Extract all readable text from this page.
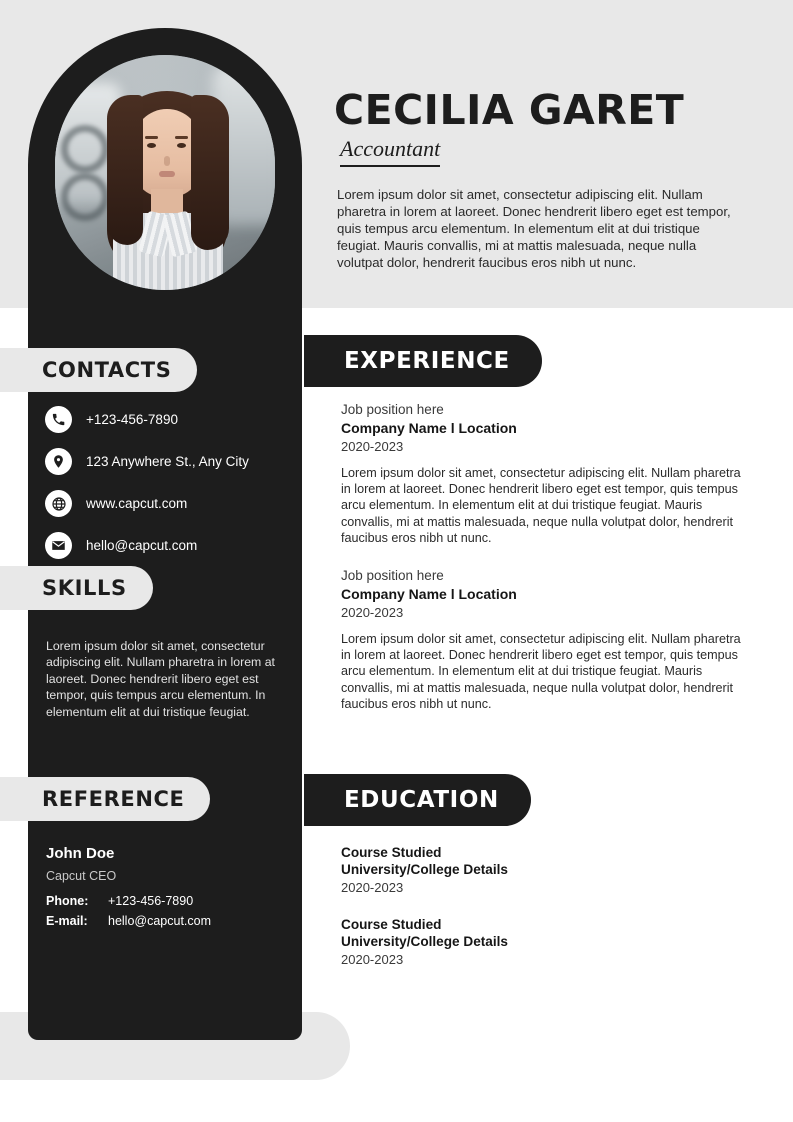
CECILIA GARET
Accountant
Lorem ipsum dolor sit amet, consectetur adipiscing elit. Nullam pharetra in lorem at laoreet. Donec hendrerit libero eget est tempor, quis tempus arcu elementum. In elementum elit at dui tristique feugiat. Mauris convallis, mi at mattis malesuada, neque nulla volutpat dolor, hendrerit faucibus eros nibh ut nunc.
CONTACTS
+123-456-7890
123 Anywhere St., Any City
www.capcut.com
hello@capcut.com
SKILLS
Lorem ipsum dolor sit amet, consectetur adipiscing elit. Nullam pharetra in lorem at laoreet. Donec hendrerit libero eget est tempor, quis tempus arcu elementum. In elementum elit at dui tristique feugiat.
REFERENCE
John Doe
Capcut CEO
Phone:	+123-456-7890
E-mail:	hello@capcut.com
EXPERIENCE
Job position here
Company Name l Location
2020-2023
Lorem ipsum dolor sit amet, consectetur adipiscing elit. Nullam pharetra in lorem at laoreet. Donec hendrerit libero eget est tempor, quis tempus arcu elementum. In elementum elit at dui tristique feugiat. Mauris convallis, mi at mattis malesuada, neque nulla volutpat dolor, hendrerit faucibus eros nibh ut nunc.
Job position here
Company Name l Location
2020-2023
Lorem ipsum dolor sit amet, consectetur adipiscing elit. Nullam pharetra in lorem at laoreet. Donec hendrerit libero eget est tempor, quis tempus arcu elementum. In elementum elit at dui tristique feugiat. Mauris convallis, mi at mattis malesuada, neque nulla volutpat dolor, hendrerit faucibus eros nibh ut nunc.
EDUCATION
Course Studied
University/College Details
2020-2023
Course Studied
University/College Details
2020-2023
